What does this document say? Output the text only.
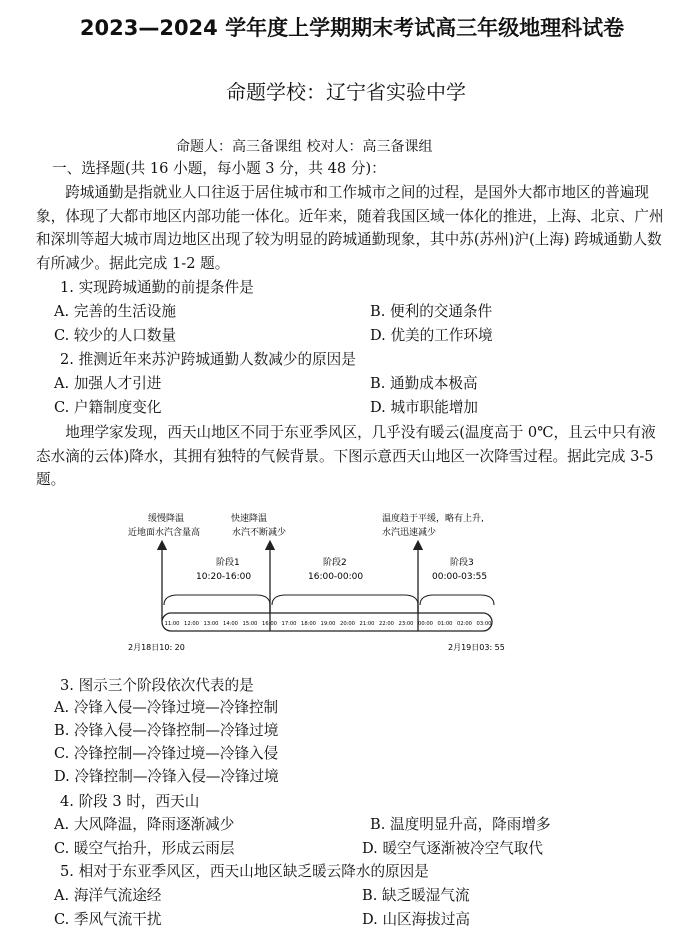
2023—2024 学年度上学期期末考试高三年级地理科试卷
命题学校：辽宁省实验中学
命题人：高三备课组 校对人：高三备课组
一、选择题(共 16 小题，每小题 3 分，共 48 分)：
跨城通勤是指就业人口往返于居住城市和工作城市之间的过程，是国外大都市地区的普遍现象，体现了大都市地区内部功能一体化。近年来，随着我国区域一体化的推进，上海、北京、广州和深圳等超大城市周边地区出现了较为明显的跨城通勤现象，其中苏(苏州)沪(上海) 跨城通勤人数有所减少。据此完成 1-2 题。
1. 实现跨城通勤的前提条件是
A. 完善的生活设施	B. 便利的交通条件
C. 较少的人口数量	D. 优美的工作环境
2. 推测近年来苏沪跨城通勤人数减少的原因是
A. 加强人才引进	B. 通勤成本极高
C. 户籍制度变化	D. 城市职能增加
地理学家发现，西天山地区不同于东亚季风区，几乎没有暖云(温度高于 0℃，且云中只有液态水滴的云体)降水，其拥有独特的气候背景。下图示意西天山地区一次降雪过程。据此完成 3-5 题。
缓慢降温
近地面水汽含量高
快速降温
水汽不断减少
温度趋于平缓，略有上升,
水汽迅速减少
阶段1
10:20-16:00
阶段2
16:00-00:00
阶段3
00:00-03:55
11:00 12:00 13:00 14:00 15:00 16:00 17:00 18:00 19:00 20:00 21:00 22:00 23:00 00:00 01:00 02:00 03:00
2月18日10: 20	2月19日03: 55
3. 图示三个阶段依次代表的是
A. 冷锋入侵—冷锋过境—冷锋控制
B. 冷锋入侵—冷锋控制—冷锋过境
C. 冷锋控制—冷锋过境—冷锋入侵
D. 冷锋控制—冷锋入侵—冷锋过境
4. 阶段 3 时，西天山
A. 大风降温，降雨逐渐减少	B. 温度明显升高，降雨增多
C. 暖空气抬升，形成云雨层	D. 暖空气逐渐被冷空气取代
5. 相对于东亚季风区，西天山地区缺乏暖云降水的原因是
A. 海洋气流途经	B. 缺乏暖湿气流
C. 季风气流干扰	D. 山区海拔过高
